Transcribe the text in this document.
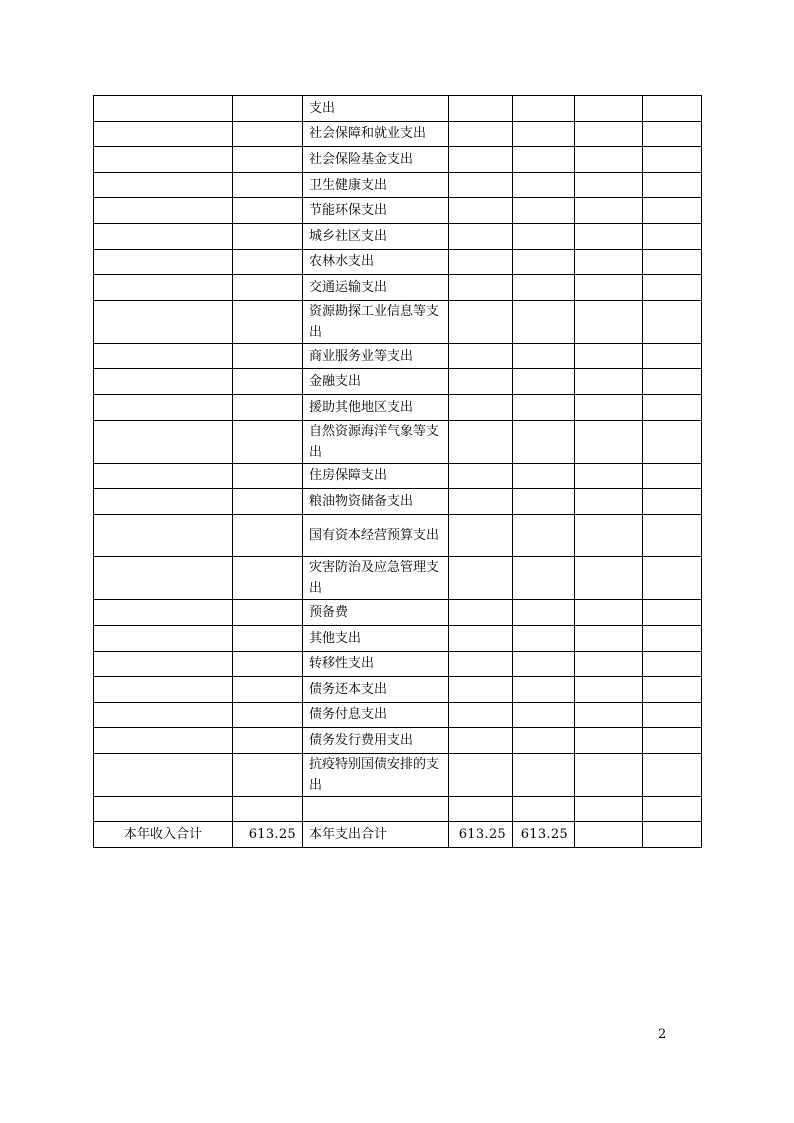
		支出				
		社会保障和就业支出				
		社会保险基金支出				
		卫生健康支出				
		节能环保支出				
		城乡社区支出				
		农林水支出				
		交通运输支出				
		资源勘探工业信息等支出				
		商业服务业等支出				
		金融支出				
		援助其他地区支出				
		自然资源海洋气象等支出				
		住房保障支出				
		粮油物资储备支出				
		国有资本经营预算支出				
		灾害防治及应急管理支出				
		预备费				
		其他支出				
		转移性支出				
		债务还本支出				
		债务付息支出				
		债务发行费用支出				
		抗疫特别国债安排的支出				

本年收入合计	613.25	本年支出合计	613.25	613.25		
2
